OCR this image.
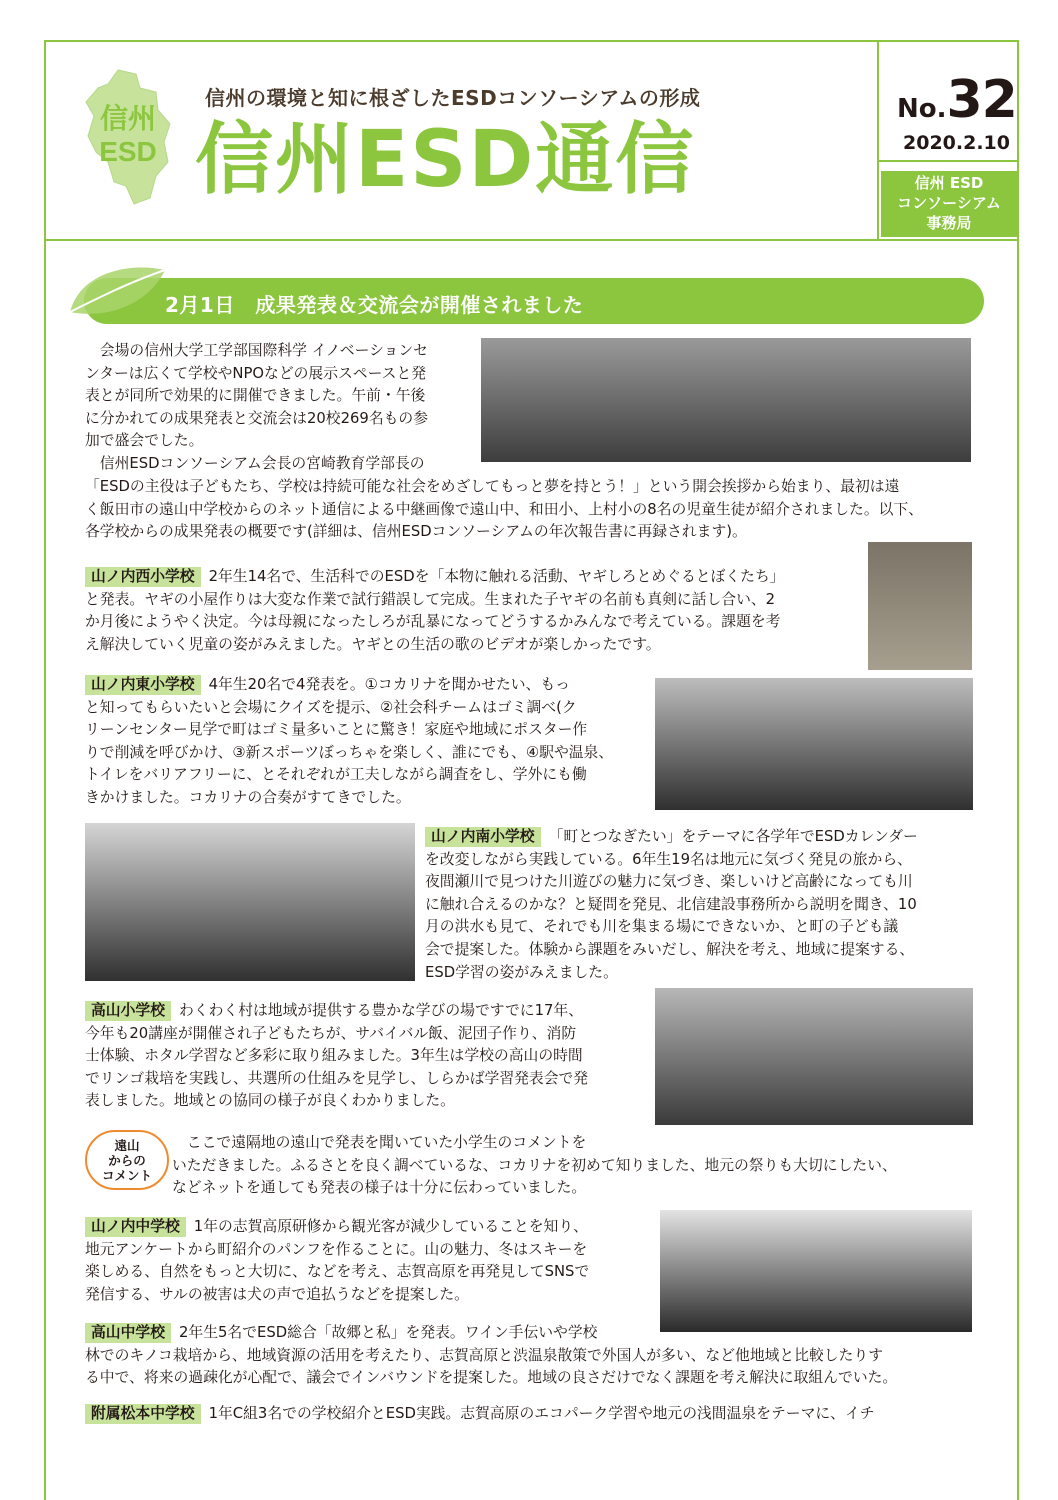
信州
ESD
信州の環境と知に根ざしたESDコンソーシアムの形成
信州ESD通信
No.32
2020.2.10
信州 ESD
コンソーシアム
事務局
2月1日　成果発表＆交流会が開催されました
　会場の信州大学工学部国際科学 イノベーションセ
ンターは広くて学校やNPOなどの展示スペースと発
表とが同所で効果的に開催できました。午前・午後
に分かれての成果発表と交流会は20校269名もの参
加で盛会でした。
　信州ESDコンソーシアム会長の宮崎教育学部長の
「ESDの主役は子どもたち、学校は持続可能な社会をめざしてもっと夢を持とう！」という開会挨拶から始まり、最初は遠
く飯田市の遠山中学校からのネット通信による中継画像で遠山中、和田小、上村小の8名の児童生徒が紹介されました。以下、
各学校からの成果発表の概要です(詳細は、信州ESDコンソーシアムの年次報告書に再録されます)。
山ノ内西小学校 2年生14名で、生活科でのESDを「本物に触れる活動、ヤギしろとめぐるとぼくたち」
と発表。ヤギの小屋作りは大変な作業で試行錯誤して完成。生まれた子ヤギの名前も真剣に話し合い、2
か月後にようやく決定。今は母親になったしろが乱暴になってどうするかみんなで考えている。課題を考
え解決していく児童の姿がみえました。ヤギとの生活の歌のビデオが楽しかったです。
山ノ内東小学校 4年生20名で4発表を。①コカリナを聞かせたい、もっ
と知ってもらいたいと会場にクイズを提示、②社会科チームはゴミ調べ(ク
リーンセンター見学で町はゴミ量多いことに驚き！家庭や地域にポスター作
りで削減を呼びかけ、③新スポーツぼっちゃを楽しく、誰にでも、④駅や温泉、
トイレをバリアフリーに、とそれぞれが工夫しながら調査をし、学外にも働
きかけました。コカリナの合奏がすてきでした。
山ノ内南小学校 「町とつなぎたい」をテーマに各学年でESDカレンダー
を改変しながら実践している。6年生19名は地元に気づく発見の旅から、
夜間瀬川で見つけた川遊びの魅力に気づき、楽しいけど高齢になっても川
に触れ合えるのかな？と疑問を発見、北信建設事務所から説明を聞き、10
月の洪水も見て、それでも川を集まる場にできないか、と町の子ども議
会で提案した。体験から課題をみいだし、解決を考え、地域に提案する、
ESD学習の姿がみえました。
高山小学校 わくわく村は地域が提供する豊かな学びの場ですでに17年、
今年も20講座が開催され子どもたちが、サバイバル飯、泥団子作り、消防
士体験、ホタル学習など多彩に取り組みました。3年生は学校の高山の時間
でリンゴ栽培を実践し、共選所の仕組みを見学し、しらかば学習発表会で発
表しました。地域との協同の様子が良くわかりました。
遠山
からの
コメント
　ここで遠隔地の遠山で発表を聞いていた小学生のコメントを
いただきました。ふるさとを良く調べているな、コカリナを初めて知りました、地元の祭りも大切にしたい、
などネットを通しても発表の様子は十分に伝わっていました。
山ノ内中学校 1年の志賀高原研修から観光客が減少していることを知り、
地元アンケートから町紹介のパンフを作ることに。山の魅力、冬はスキーを
楽しめる、自然をもっと大切に、などを考え、志賀高原を再発見してSNSで
発信する、サルの被害は犬の声で追払うなどを提案した。
高山中学校 2年生5名でESD総合「故郷と私」を発表。ワイン手伝いや学校
林でのキノコ栽培から、地域資源の活用を考えたり、志賀高原と渋温泉散策で外国人が多い、など他地域と比較したりす
る中で、将来の過疎化が心配で、議会でインバウンドを提案した。地域の良さだけでなく課題を考え解決に取組んでいた。
附属松本中学校 1年C組3名での学校紹介とESD実践。志賀高原のエコパーク学習や地元の浅間温泉をテーマに、イチ
